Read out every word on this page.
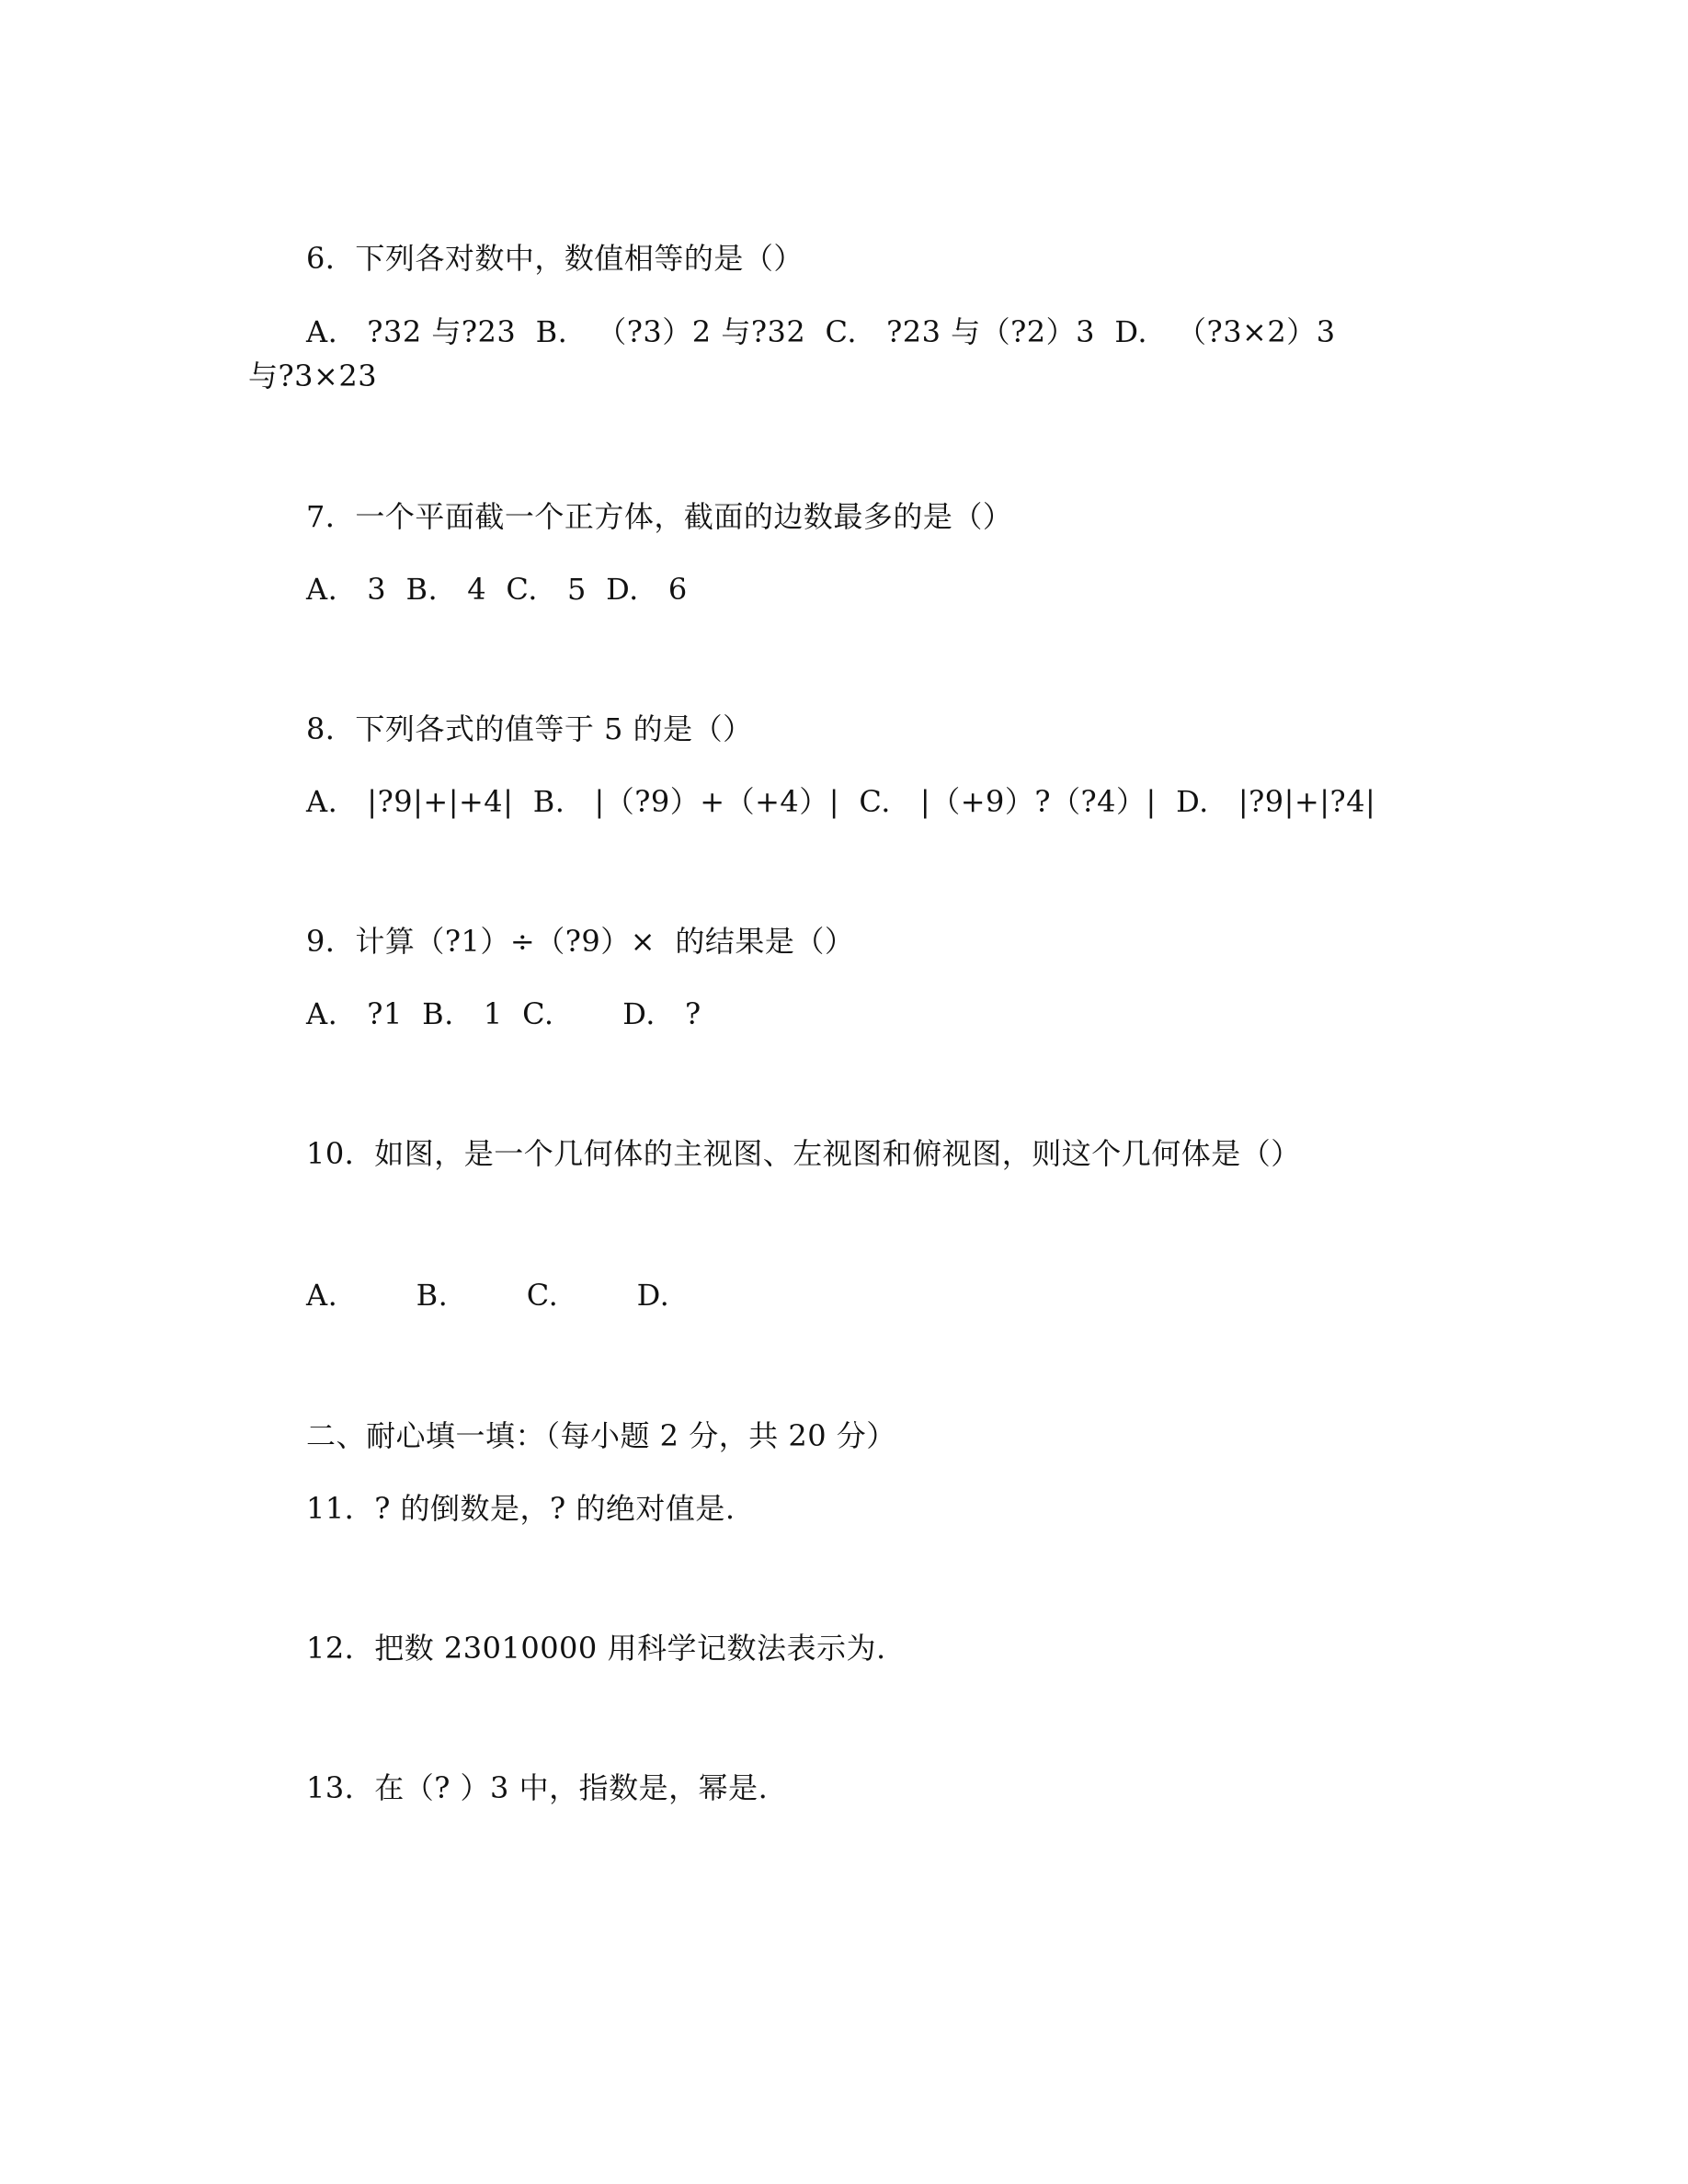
6．下列各对数中，数值相等的是（）
A.   ?32 与?23  B.   （?3）2 与?32  C.   ?23 与（?2）3  D.   （?3×2）3
与?3×23
7．一个平面截一个正方体，截面的边数最多的是（）
A.   3  B.   4  C.   5  D.   6
8．下列各式的值等于 5 的是（）
A.   |?9|+|+4|  B.   |（?9）+（+4）|  C.   |（+9）?（?4）|  D.   |?9|+|?4|
9．计算（?1）÷（?9）×  的结果是（）
A.   ?1  B.   1  C.       D.   ?
10．如图，是一个几何体的主视图、左视图和俯视图，则这个几何体是（）
A.        B.        C.        D.
二、耐心填一填：（每小题 2 分，共 20 分）
11．? 的倒数是，? 的绝对值是.
12．把数 23010000 用科学记数法表示为.
13．在（? ）3 中，指数是，幂是.
